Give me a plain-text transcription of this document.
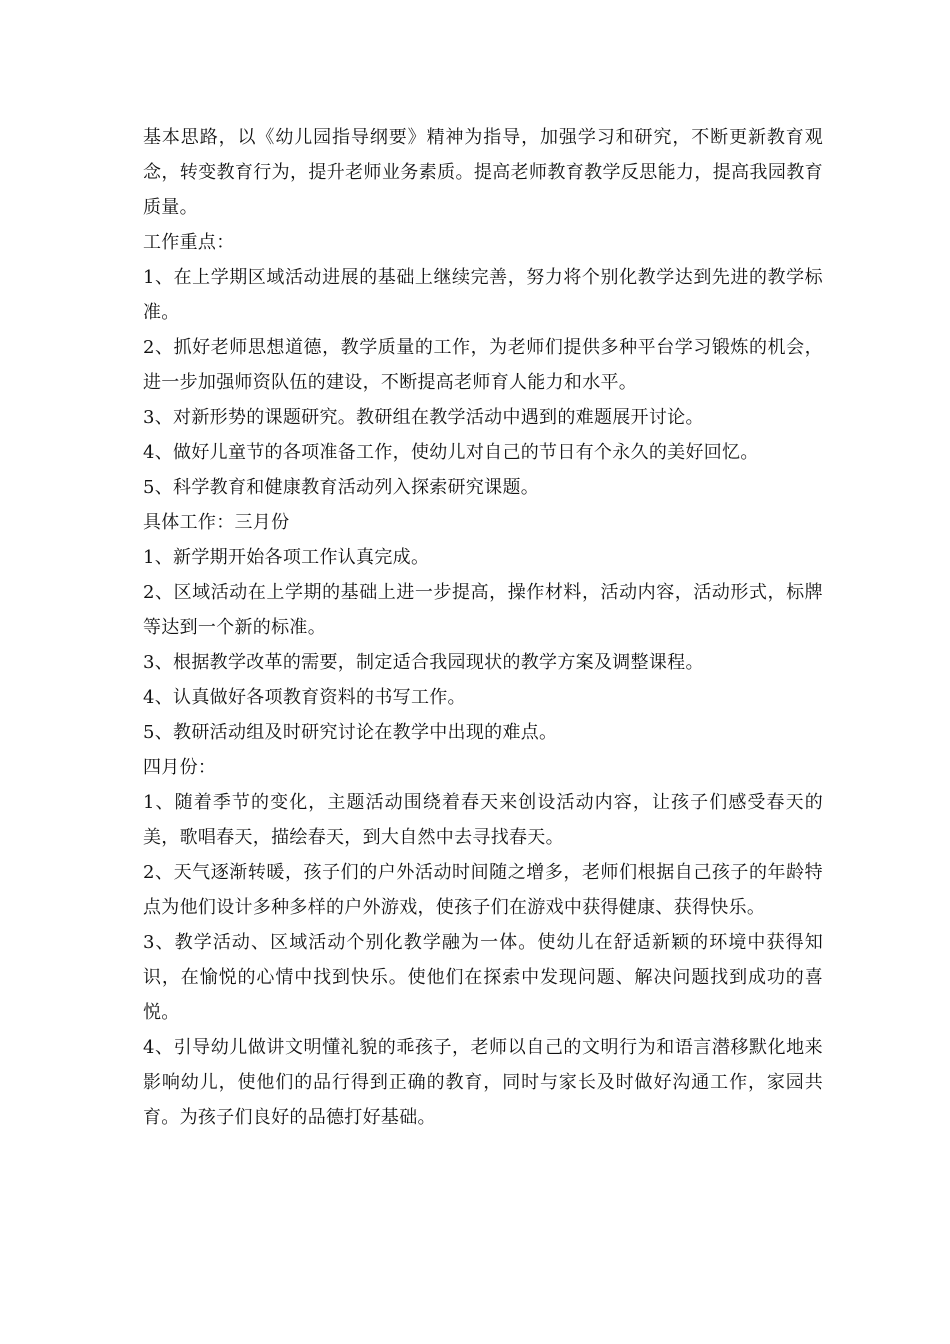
基本思路，以《幼儿园指导纲要》精神为指导，加强学习和研究，不断更新教育观念，转变教育行为，提升老师业务素质。提高老师教育教学反思能力，提高我园教育质量。

工作重点：

1、在上学期区域活动进展的基础上继续完善，努力将个别化教学达到先进的教学标准。

2、抓好老师思想道德，教学质量的工作，为老师们提供多种平台学习锻炼的机会，进一步加强师资队伍的建设，不断提高老师育人能力和水平。

3、对新形势的课题研究。教研组在教学活动中遇到的难题展开讨论。

4、做好儿童节的各项准备工作，使幼儿对自己的节日有个永久的美好回忆。

5、科学教育和健康教育活动列入探索研究课题。

具体工作：三月份

1、新学期开始各项工作认真完成。

2、区域活动在上学期的基础上进一步提高，操作材料，活动内容，活动形式，标牌等达到一个新的标准。

3、根据教学改革的需要，制定适合我园现状的教学方案及调整课程。

4、认真做好各项教育资料的书写工作。

5、教研活动组及时研究讨论在教学中出现的难点。

四月份：

1、随着季节的变化，主题活动围绕着春天来创设活动内容，让孩子们感受春天的美，歌唱春天，描绘春天，到大自然中去寻找春天。

2、天气逐渐转暖，孩子们的户外活动时间随之增多，老师们根据自己孩子的年龄特点为他们设计多种多样的户外游戏，使孩子们在游戏中获得健康、获得快乐。

3、教学活动、区域活动个别化教学融为一体。使幼儿在舒适新颖的环境中获得知识，在愉悦的心情中找到快乐。使他们在探索中发现问题、解决问题找到成功的喜悦。

4、引导幼儿做讲文明懂礼貌的乖孩子，老师以自己的文明行为和语言潜移默化地来影响幼儿，使他们的品行得到正确的教育，同时与家长及时做好沟通工作，家园共育。为孩子们良好的品德打好基础。
